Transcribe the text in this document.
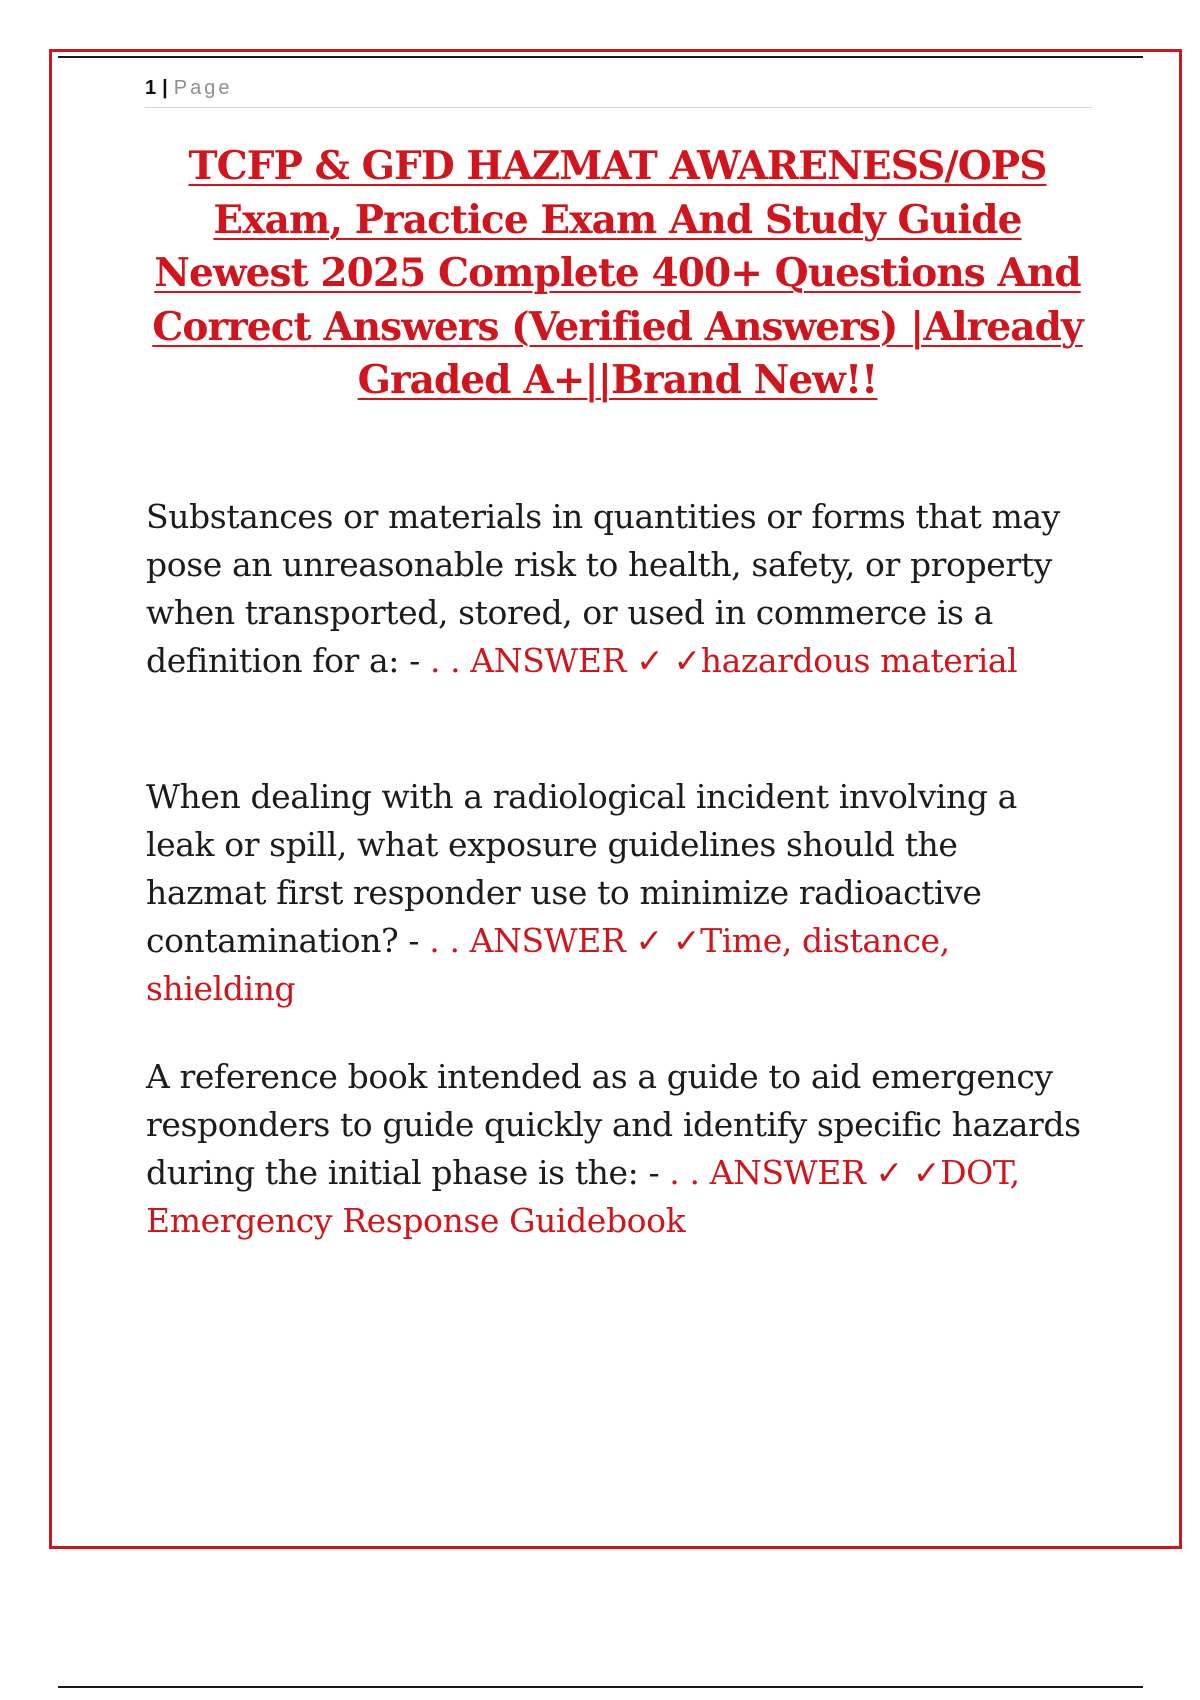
1 | Page
TCFP & GFD HAZMAT AWARENESS/OPS Exam, Practice Exam And Study Guide Newest 2025 Complete 400+ Questions And Correct Answers (Verified Answers) |Already Graded A+||Brand New!!

Substances or materials in quantities or forms that may pose an unreasonable risk to health, safety, or property when transported, stored, or used in commerce is a definition for a: - . . ANSWER ✓ ✓hazardous material

When dealing with a radiological incident involving a leak or spill, what exposure guidelines should the hazmat first responder use to minimize radioactive contamination? - . . ANSWER ✓ ✓Time, distance, shielding

A reference book intended as a guide to aid emergency responders to guide quickly and identify specific hazards during the initial phase is the: - . . ANSWER ✓ ✓DOT, Emergency Response Guidebook
